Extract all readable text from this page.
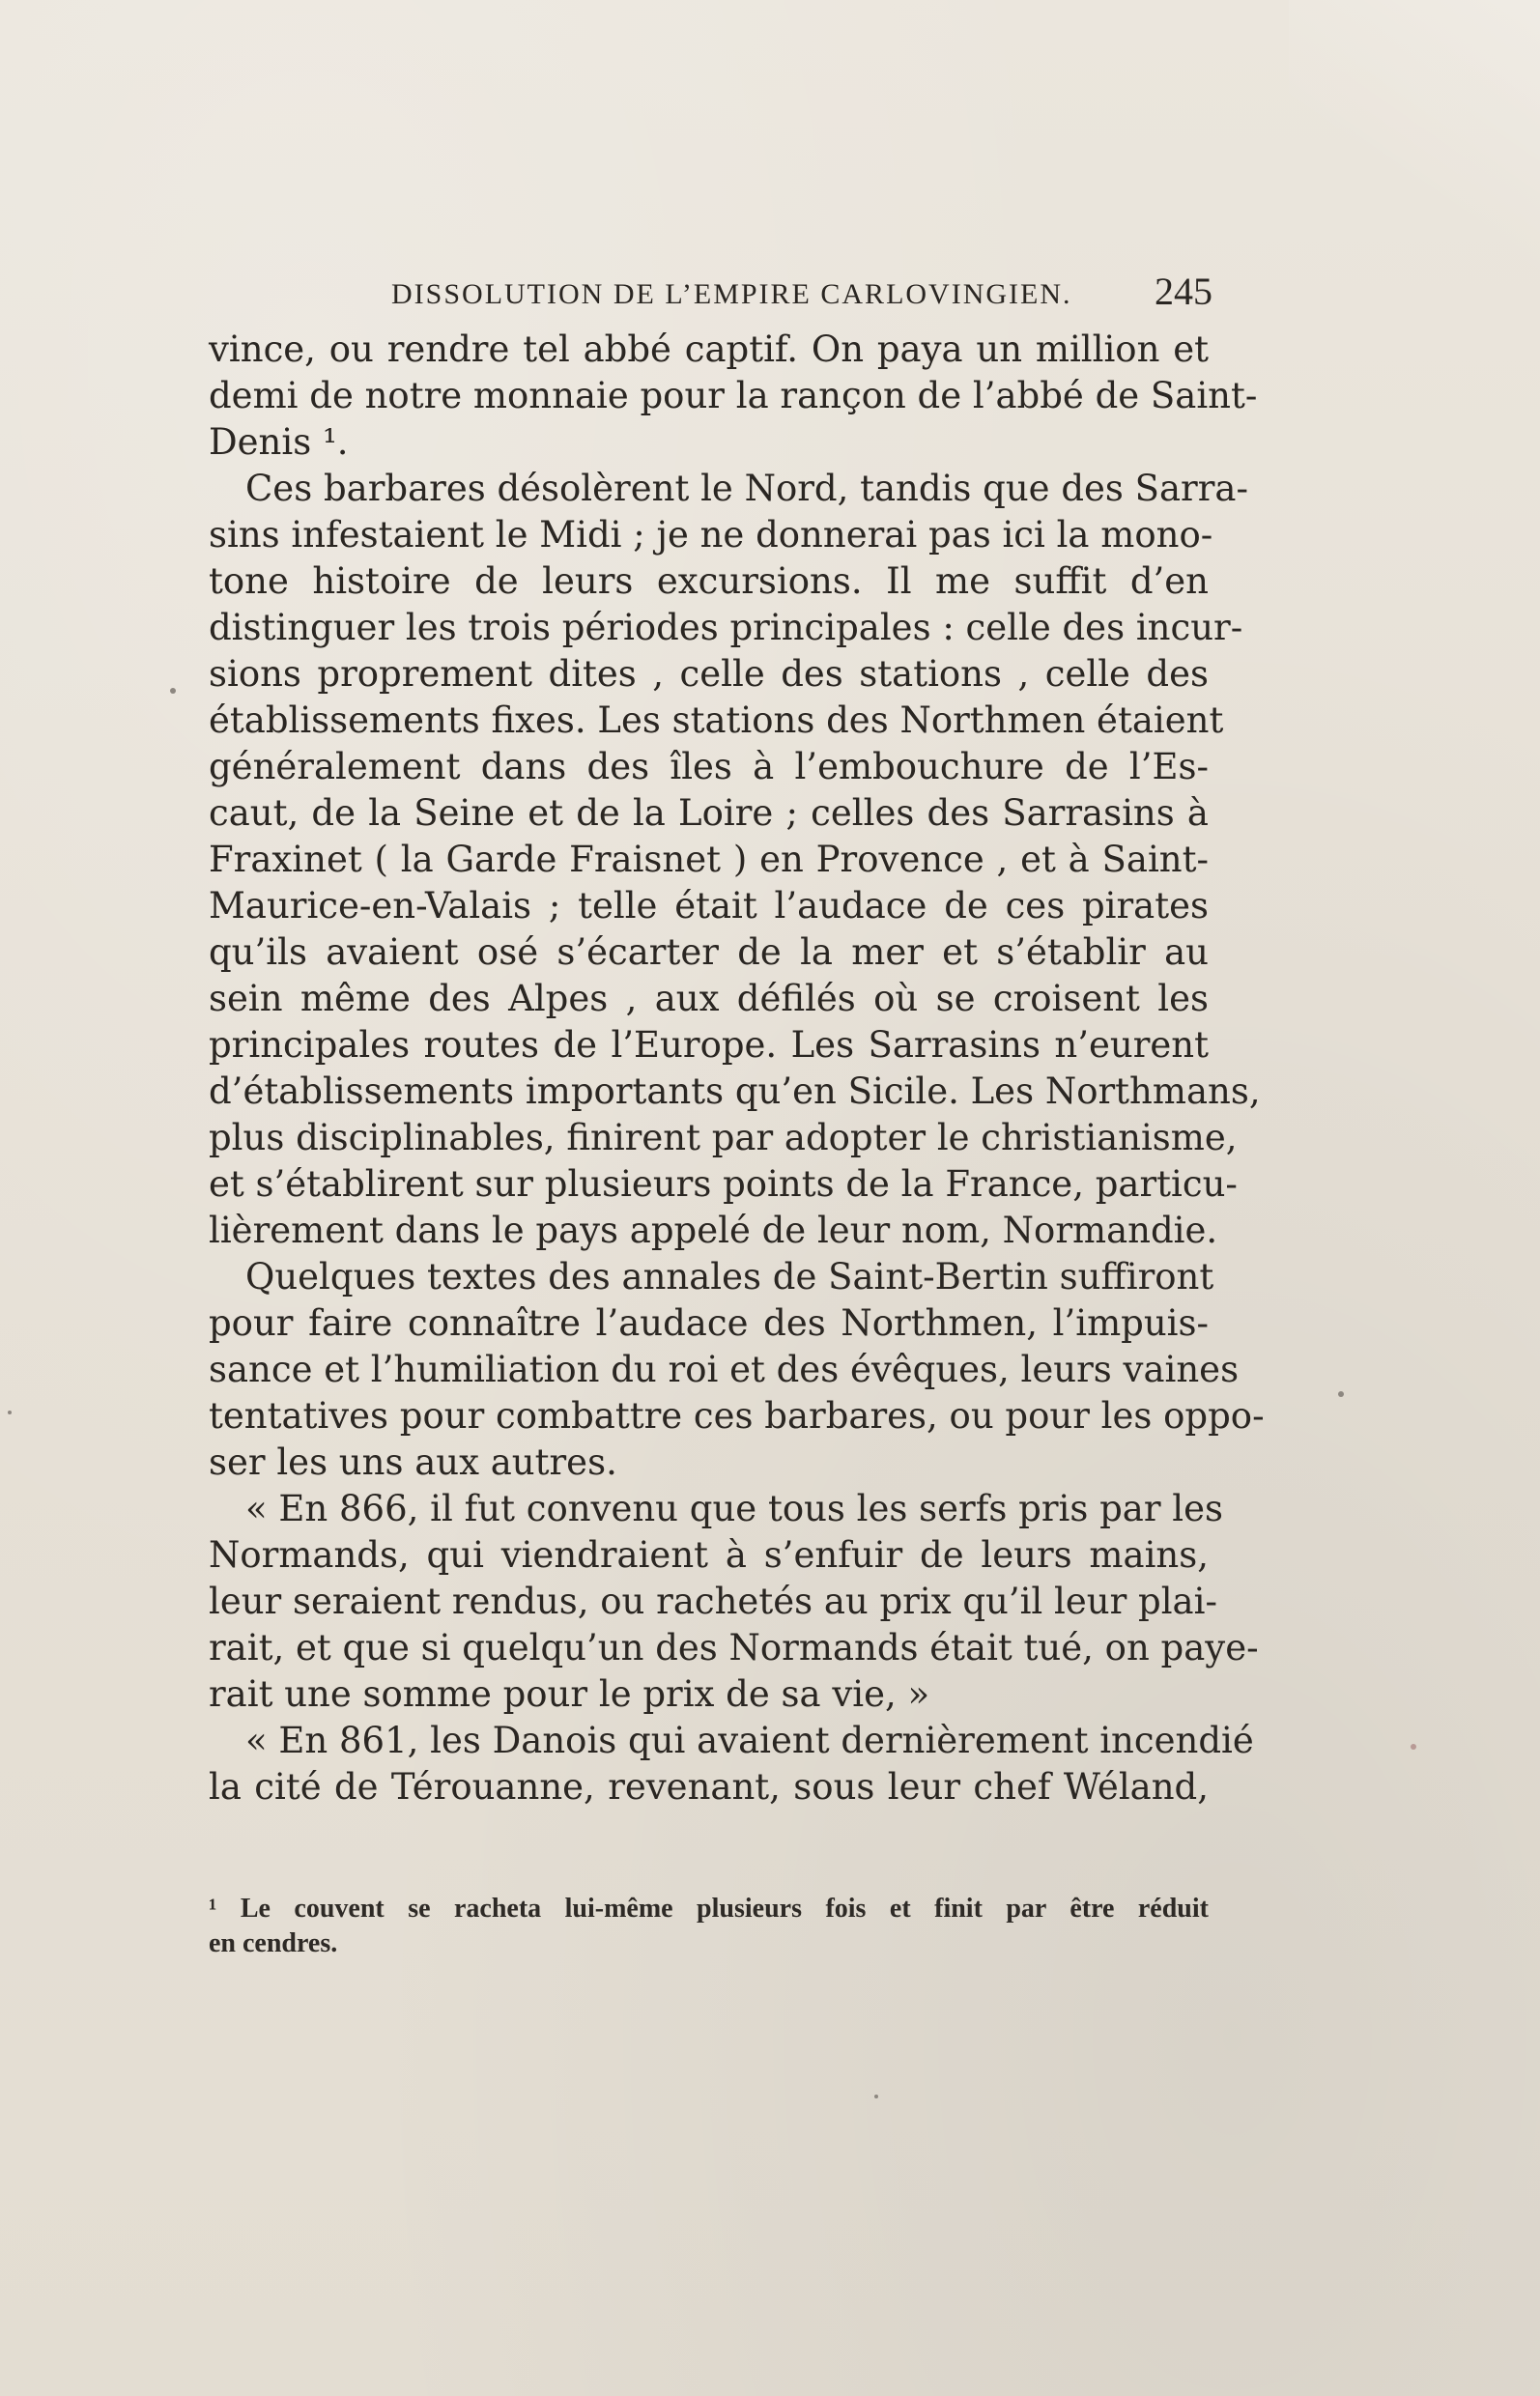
DISSOLUTION DE L’EMPIRE CARLOVINGIEN. 245
vince, ou rendre tel abbé captif. On paya un million et
demi de notre monnaie pour la rançon de l’abbé de Saint-
Denis ¹.
Ces barbares désolèrent le Nord, tandis que des Sarra-
sins infestaient le Midi ; je ne donnerai pas ici la mono-
tone histoire de leurs excursions. Il me suffit d’en
distinguer les trois périodes principales : celle des incur-
sions proprement dites , celle des stations , celle des
établissements fixes. Les stations des Northmen étaient
généralement dans des îles à l’embouchure de l’Es-
caut, de la Seine et de la Loire ; celles des Sarrasins à
Fraxinet ( la Garde Fraisnet ) en Provence , et à Saint-
Maurice-en-Valais ; telle était l’audace de ces pirates
qu’ils avaient osé s’écarter de la mer et s’établir au
sein même des Alpes , aux défilés où se croisent les
principales routes de l’Europe. Les Sarrasins n’eurent
d’établissements importants qu’en Sicile. Les Northmans,
plus disciplinables, finirent par adopter le christianisme,
et s’établirent sur plusieurs points de la France, particu-
lièrement dans le pays appelé de leur nom, Normandie.
Quelques textes des annales de Saint-Bertin suffiront
pour faire connaître l’audace des Northmen, l’impuis-
sance et l’humiliation du roi et des évêques, leurs vaines
tentatives pour combattre ces barbares, ou pour les oppo-
ser les uns aux autres.
« En 866, il fut convenu que tous les serfs pris par les
Normands, qui viendraient à s’enfuir de leurs mains,
leur seraient rendus, ou rachetés au prix qu’il leur plai-
rait, et que si quelqu’un des Normands était tué, on paye-
rait une somme pour le prix de sa vie, »
« En 861, les Danois qui avaient dernièrement incendié
la cité de Térouanne, revenant, sous leur chef Wéland,
¹ Le couvent se racheta lui-même plusieurs fois et finit par être réduit
en cendres.
